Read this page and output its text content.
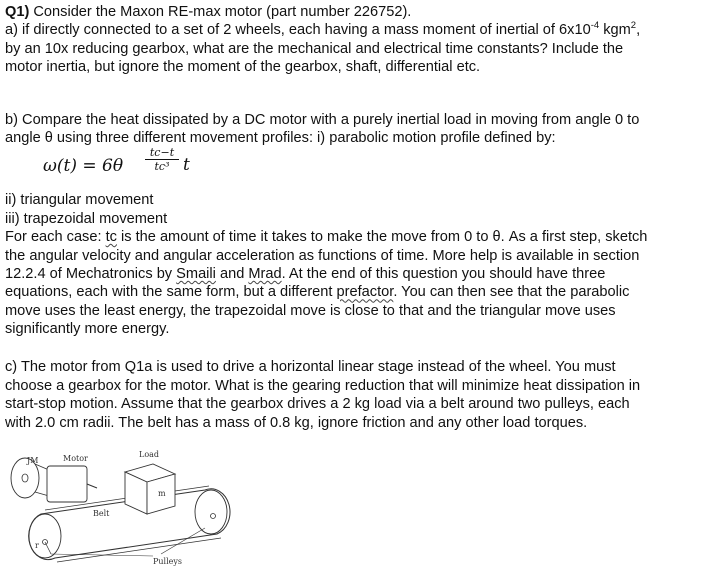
Q1) Consider the Maxon RE-max motor (part number 226752).
a) if directly connected to a set of 2 wheels, each having a mass moment of inertial of $6x10^{-4}$ kgm$^2$,
by an 10x reducing gearbox, what are the mechanical and electrical time constants? Include the
motor inertia, but ignore the moment of the gearbox, shaft, differential etc.
b) Compare the heat dissipated by a DC motor with a purely inertial load in moving from angle 0 to
angle θ using three different movement profiles: i) parabolic motion profile defined by:
$\omega(t) = 6\theta \frac{tc-t}{\text{tc³}}$ t
ii) triangular movement
iii) trapezoidal movement
For each case: tc is the amount of time it takes to make the move from 0 to θ. As a first step, sketch
the angular velocity and angular acceleration as functions of time. More help is available in section
12.2.4 of Mechatronics by Smaili and Mrad. At the end of this question you should have three
equations, each with the same form, but a different prefactor. You can then see that the parabolic
move uses the least energy, the trapezoidal move is close to that and the triangular move uses
significantly more energy.
c) The motor from Q1a is used to drive a horizontal linear stage instead of the wheel. You must
choose a gearbox for the motor. What is the gearing reduction that will minimize heat dissipation in
start-stop motion. Assume that the gearbox drives a 2 kg load via a belt around two pulleys, each
with 2.0 cm radii. The belt has a mass of 0.8 kg, ignore friction and any other load torques.
JM	Motor	Load
m
Belt
r
Pulleys
